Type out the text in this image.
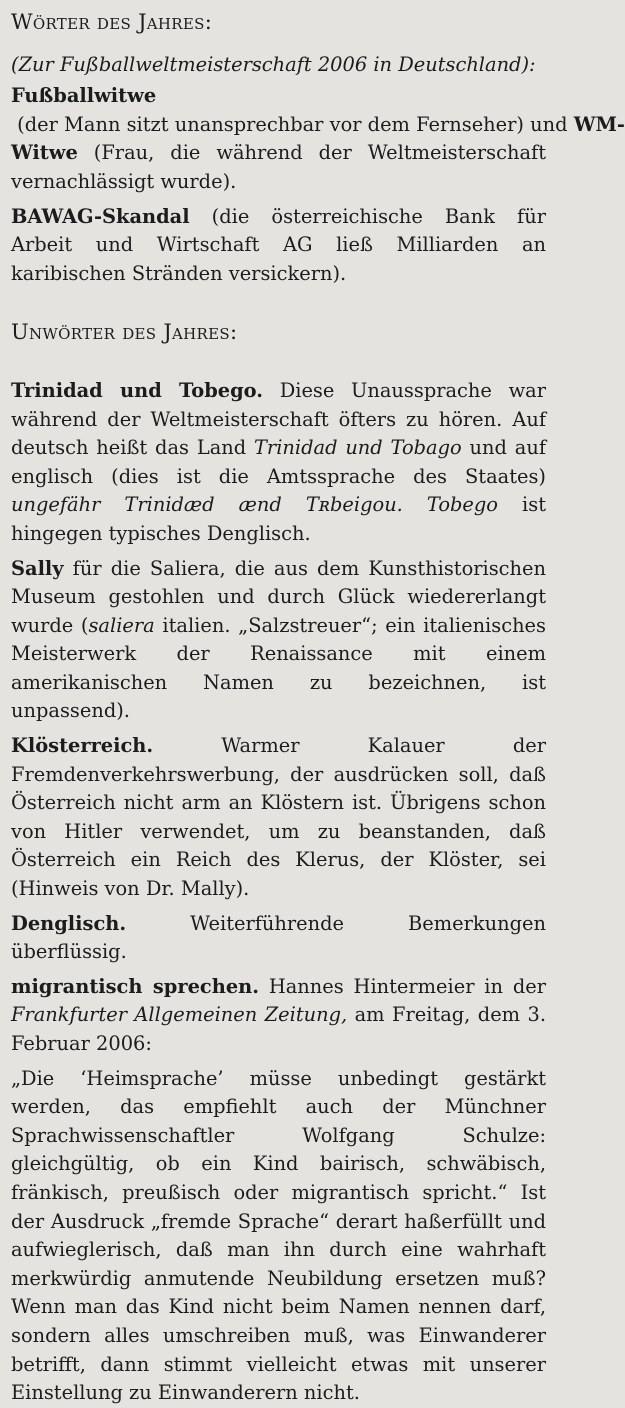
Wörter des Jahres:

(Zur Fußballweltmeisterschaft 2006 in Deutschland):

Fußballwitwe (der Mann sitzt unansprechbar vor dem Fernseher) und WM-Witwe (Frau, die während der Weltmeisterschaft vernachlässigt wurde).

BAWAG-Skandal (die österreichische Bank für Arbeit und Wirtschaft AG ließ Milliarden an karibischen Stränden versickern).

Unwörter des Jahres:

Trinidad und Tobego. Diese Unaussprache war während der Weltmeisterschaft öfters zu hören. Auf deutsch heißt das Land Trinidad und Tobago und auf englisch (dies ist die Amtssprache des Staates) ungefähr Trinidæd ænd Tʀbeigou. Tobego ist hingegen typisches Denglisch.

Sally für die Saliera, die aus dem Kunsthistorischen Museum gestohlen und durch Glück wiedererlangt wurde (saliera italien. „Salzstreuer“; ein italienisches Meisterwerk der Renaissance mit einem amerikanischen Namen zu bezeichnen, ist unpassend).

Klösterreich. Warmer Kalauer der Fremdenverkehrswerbung, der ausdrücken soll, daß Österreich nicht arm an Klöstern ist. Übrigens schon von Hitler verwendet, um zu beanstanden, daß Österreich ein Reich des Klerus, der Klöster, sei (Hinweis von Dr. Mally).

Denglisch. Weiterführende Bemerkungen überflüssig.

migrantisch sprechen. Hannes Hintermeier in der Frankfurter Allgemeinen Zeitung, am Freitag, dem 3. Februar 2006:

„Die ‘Heimsprache’ müsse unbedingt gestärkt werden, das empfiehlt auch der Münchner Sprachwissenschaftler Wolfgang Schulze: gleichgültig, ob ein Kind bairisch, schwäbisch, fränkisch, preußisch oder migrantisch spricht.“ Ist der Ausdruck „fremde Sprache“ derart haßerfüllt und aufwieglerisch, daß man ihn durch eine wahrhaft merkwürdig anmutende Neubildung ersetzen muß? Wenn man das Kind nicht beim Namen nennen darf, sondern alles umschreiben muß, was Einwanderer betrifft, dann stimmt vielleicht etwas mit unserer Einstellung zu Einwanderern nicht.
